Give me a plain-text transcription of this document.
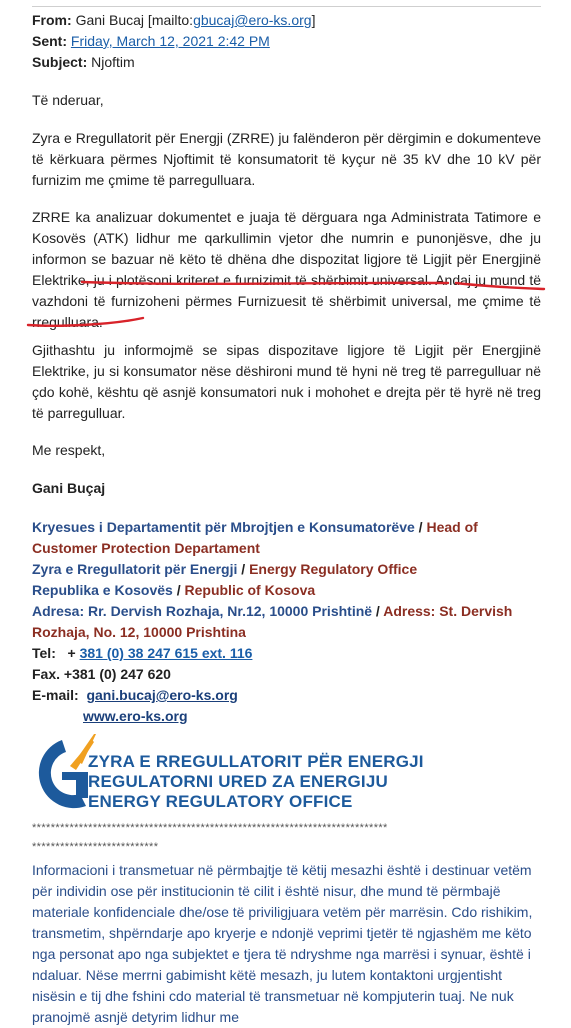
From: Gani Bucaj [mailto:gbucaj@ero-ks.org]
Sent: Friday, March 12, 2021 2:42 PM
Subject: Njoftim
Të nderuar,
Zyra e Rregullatorit për Energji (ZRRE) ju falënderon për dërgimin e dokumenteve të kërkuara përmes Njoftimit të konsumatorit të kyçur në 35 kV dhe 10 kV për furnizim me çmime të parregulluara.
ZRRE ka analizuar dokumentet e juaja të dërguara nga Administrata Tatimore e Kosovës (ATK) lidhur me qarkullimin vjetor dhe numrin e punonjësve, dhe ju informon se bazuar në këto të dhëna dhe dispozitat ligjore të Ligjit për Energjinë Elektrike, ju i plotësoni kriteret e furnizimit të shërbimit universal. Andaj ju mund të vazhdoni të furnizoheni përmes Furnizuesit të shërbimit universal, me çmime të rregulluara.
Gjithashtu ju informojmë se sipas dispozitave ligjore të Ligjit për Energjinë Elektrike, ju si konsumator nëse dëshironi mund të hyni në treg të parregulluar në çdo kohë, kështu që asnjë konsumatori nuk i mohohet e drejta për të hyrë në treg të parregulluar.
Me respekt,
Gani Buçaj
Kryesues i Departamentit për Mbrojtjen e Konsumatorëve / Head of Customer Protection Departament
Zyra e Rregullatorit për Energji / Energy Regulatory Office
Republika e Kosovës / Republic of Kosova
Adresa: Rr. Dervish Rozhaja, Nr.12, 10000 Prishtinë / Adress: St. Dervish Rozhaja, No. 12, 10000 Prishtina
Tel: + 381 (0) 38 247 615 ext. 116
Fax. +381 (0) 247 620
E-mail: gani.bucaj@ero-ks.org
www.ero-ks.org
ZYRA E RREGULLATORIT PËR ENERGJI
REGULATORNI URED ZA ENERGIJU
ENERGY REGULATORY OFFICE
****************************************************************************
***************************
Informacioni i transmetuar në përmbajtje të këtij mesazhi është i destinuar vetëm për individin ose për institucionin të cilit i është nisur, dhe mund të përmbajë materiale konfidenciale dhe/ose të priviligjuara vetëm për marrësin. Cdo rishikim, transmetim, shpërndarje apo kryerje e ndonjë veprimi tjetër të ngjashëm me këto nga personat apo nga subjektet e tjera të ndryshme nga marrësi i synuar, është i ndaluar. Nëse merrni gabimisht këtë mesazh, ju lutem kontaktoni urgjentisht nisësin e tij dhe fshini cdo material të transmetuar në kompjuterin tuaj. Ne nuk pranojmë asnjë detyrim lidhur me
